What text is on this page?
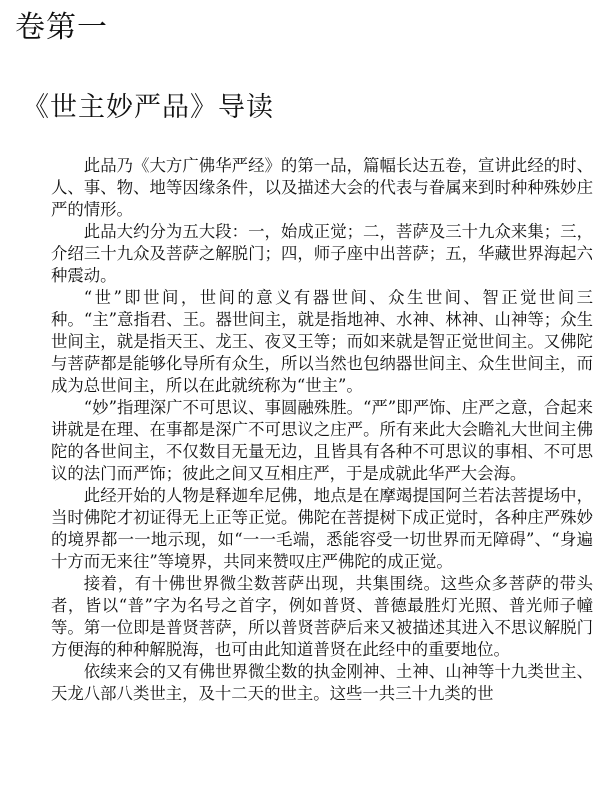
卷第一
《世主妙严品》导读

此品乃《大方广佛华严经》的第一品，篇幅长达五卷，宣讲此经的时、人、事、物、地等因缘条件，以及描述大会的代表与眷属来到时种种殊妙庄严的情形。

此品大约分为五大段：一，始成正觉；二，菩萨及三十九众来集；三，介绍三十九众及菩萨之解脱门；四，师子座中出菩萨；五，华藏世界海起六种震动。

“世”即世间，世间的意义有器世间、众生世间、智正觉世间三种。“主”意指君、王。器世间主，就是指地神、水神、林神、山神等；众生世间主，就是指天王、龙王、夜叉王等；而如来就是智正觉世间主。又佛陀与菩萨都是能够化导所有众生，所以当然也包纳器世间主、众生世间主，而成为总世间主，所以在此就统称为“世主”。

“妙”指理深广不可思议、事圆融殊胜。“严”即严饰、庄严之意，合起来讲就是在理、在事都是深广不可思议之庄严。所有来此大会瞻礼大世间主佛陀的各世间主，不仅数目无量无边，且皆具有各种不可思议的事相、不可思议的法门而严饰；彼此之间又互相庄严，于是成就此华严大会海。

此经开始的人物是释迦牟尼佛，地点是在摩竭提国阿兰若法菩提场中，当时佛陀才初证得无上正等正觉。佛陀在菩提树下成正觉时，各种庄严殊妙的境界都一一地示现，如“一一毛端，悉能容受一切世界而无障碍”、“身遍十方而无来往”等境界，共同来赞叹庄严佛陀的成正觉。

接着，有十佛世界微尘数菩萨出现，共集围绕。这些众多菩萨的带头者，皆以“普”字为名号之首字，例如普贤、普德最胜灯光照、普光师子幢等。第一位即是普贤菩萨，所以普贤菩萨后来又被描述其进入不思议解脱门方便海的种种解脱海，也可由此知道普贤在此经中的重要地位。

依续来会的又有佛世界微尘数的执金刚神、土神、山神等十九类世主、天龙八部八类世主，及十二天的世主。这些一共三十九类的世
